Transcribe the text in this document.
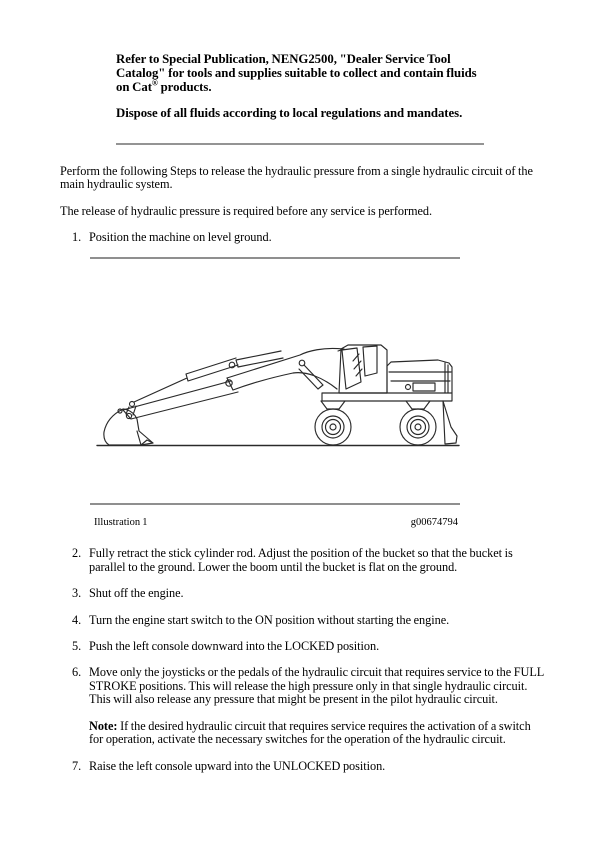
Refer to Special Publication, NENG2500, "Dealer Service Tool Catalog" for tools and supplies suitable to collect and contain fluids on Cat® products.

Dispose of all fluids according to local regulations and mandates.

Perform the following Steps to release the hydraulic pressure from a single hydraulic circuit of the main hydraulic system.

The release of hydraulic pressure is required before any service is performed.

1. Position the machine on level ground.
Illustration 1	g00674794
2. Fully retract the stick cylinder rod. Adjust the position of the bucket so that the bucket is parallel to the ground. Lower the boom until the bucket is flat on the ground.
3. Shut off the engine.
4. Turn the engine start switch to the ON position without starting the engine.
5. Push the left console downward into the LOCKED position.
6. Move only the joysticks or the pedals of the hydraulic circuit that requires service to the FULL STROKE positions. This will release the high pressure only in that single hydraulic circuit. This will also release any pressure that might be present in the pilot hydraulic circuit.

Note: If the desired hydraulic circuit that requires service requires the activation of a switch for operation, activate the necessary switches for the operation of the hydraulic circuit.

7. Raise the left console upward into the UNLOCKED position.
